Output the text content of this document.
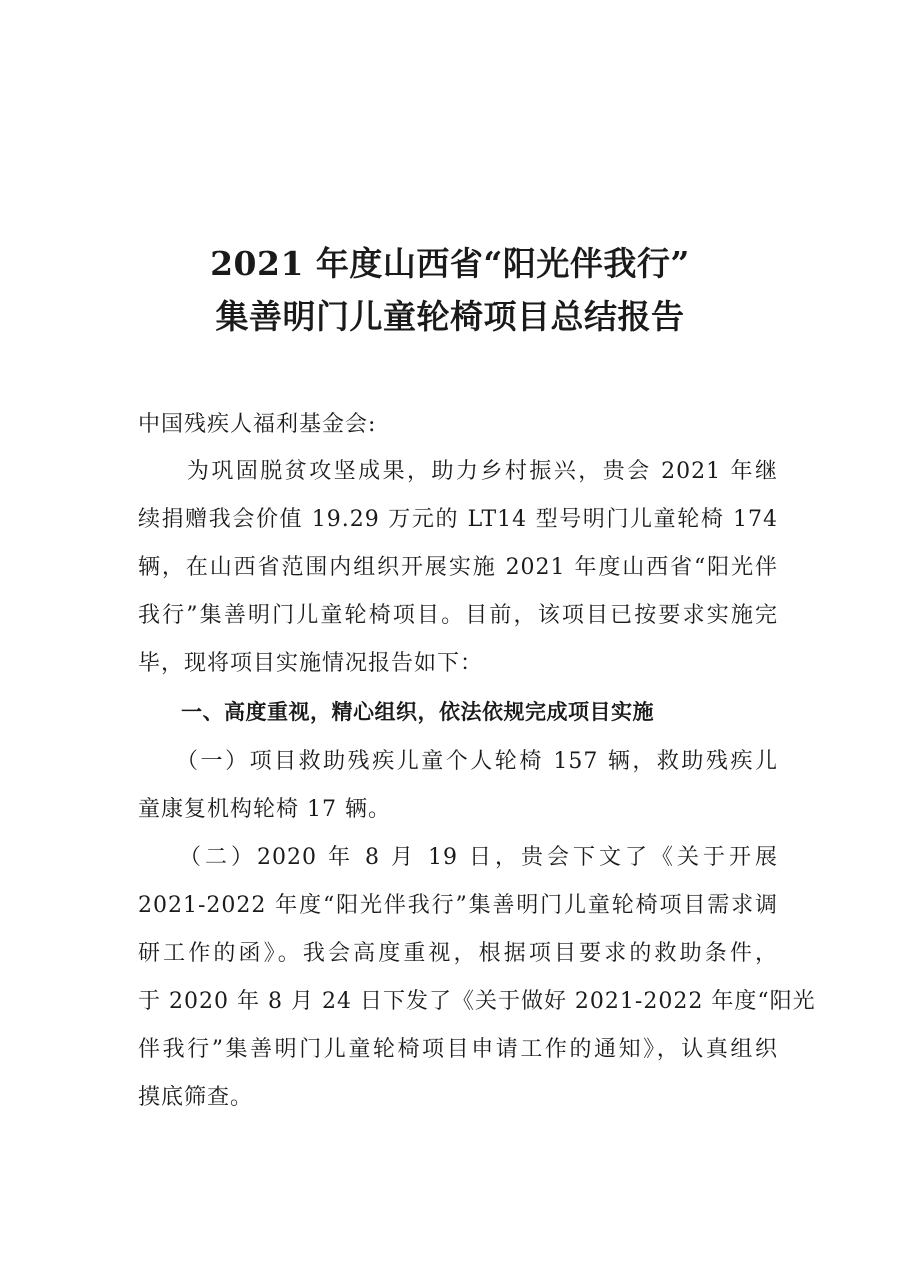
2021 年度山西省“阳光伴我行”
集善明门儿童轮椅项目总结报告
中国残疾人福利基金会:
　　为巩固脱贫攻坚成果，助力乡村振兴，贵会 2021 年继
续捐赠我会价值 19.29 万元的 LT14 型号明门儿童轮椅 174
辆，在山西省范围内组织开展实施 2021 年度山西省“阳光伴
我行”集善明门儿童轮椅项目。目前，该项目已按要求实施完
毕，现将项目实施情况报告如下：
　　一、高度重视，精心组织，依法依规完成项目实施
　　（一）项目救助残疾儿童个人轮椅 157 辆，救助残疾儿
童康复机构轮椅 17 辆。
　　（二）2020 年 8 月 19 日，贵会下文了《关于开展
2021-2022 年度“阳光伴我行”集善明门儿童轮椅项目需求调
研工作的函》。我会高度重视，根据项目要求的救助条件，
于 2020 年 8 月 24 日下发了《关于做好 2021-2022 年度“阳光
伴我行”集善明门儿童轮椅项目申请工作的通知》，认真组织
摸底筛查。
